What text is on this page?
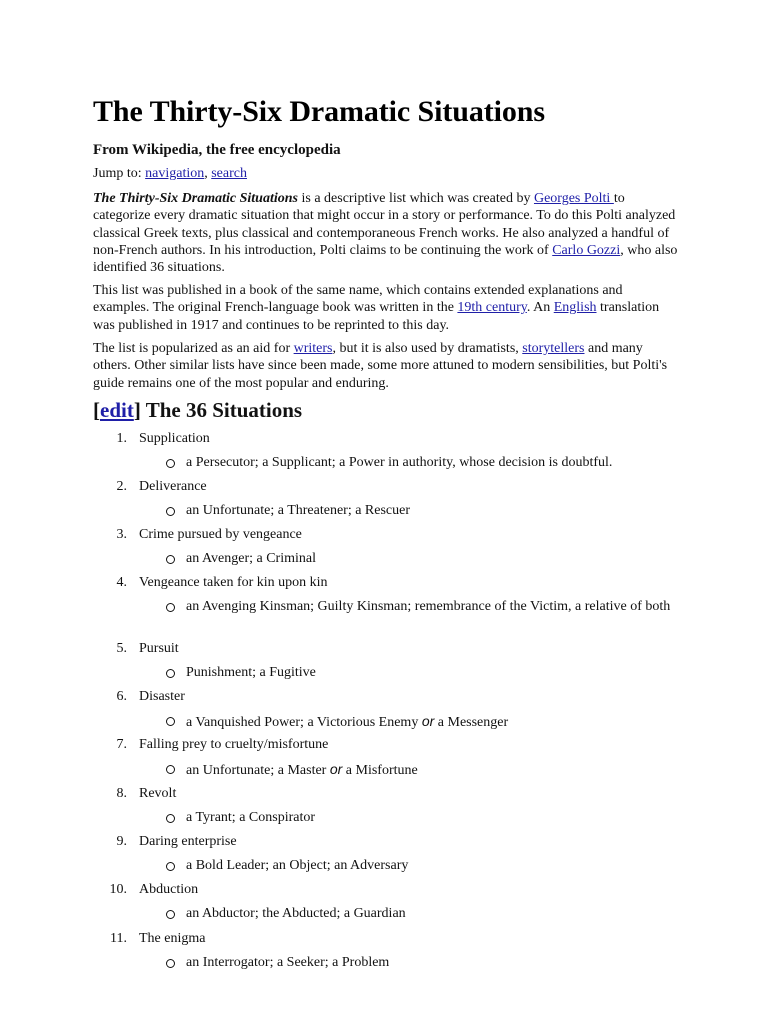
The Thirty-Six Dramatic Situations
From Wikipedia, the free encyclopedia
Jump to: navigation, search

The Thirty-Six Dramatic Situations is a descriptive list which was created by Georges Polti to categorize every dramatic situation that might occur in a story or performance. To do this Polti analyzed classical Greek texts, plus classical and contemporaneous French works. He also analyzed a handful of non-French authors. In his introduction, Polti claims to be continuing the work of Carlo Gozzi, who also identified 36 situations.

This list was published in a book of the same name, which contains extended explanations and examples. The original French-language book was written in the 19th century. An English translation was published in 1917 and continues to be reprinted to this day.

The list is popularized as an aid for writers, but it is also used by dramatists, storytellers and many others. Other similar lists have since been made, some more attuned to modern sensibilities, but Polti's guide remains one of the most popular and enduring.

[edit] The 36 Situations
1. Supplication
a Persecutor; a Supplicant; a Power in authority, whose decision is doubtful.
2. Deliverance
an Unfortunate; a Threatener; a Rescuer
3. Crime pursued by vengeance
an Avenger; a Criminal
4. Vengeance taken for kin upon kin
an Avenging Kinsman; Guilty Kinsman; remembrance of the Victim, a relative of both
5. Pursuit
Punishment; a Fugitive
6. Disaster
a Vanquished Power; a Victorious Enemy or a Messenger
7. Falling prey to cruelty/misfortune
an Unfortunate; a Master or a Misfortune
8. Revolt
a Tyrant; a Conspirator
9. Daring enterprise
a Bold Leader; an Object; an Adversary
10. Abduction
an Abductor; the Abducted; a Guardian
11. The enigma
an Interrogator; a Seeker; a Problem
